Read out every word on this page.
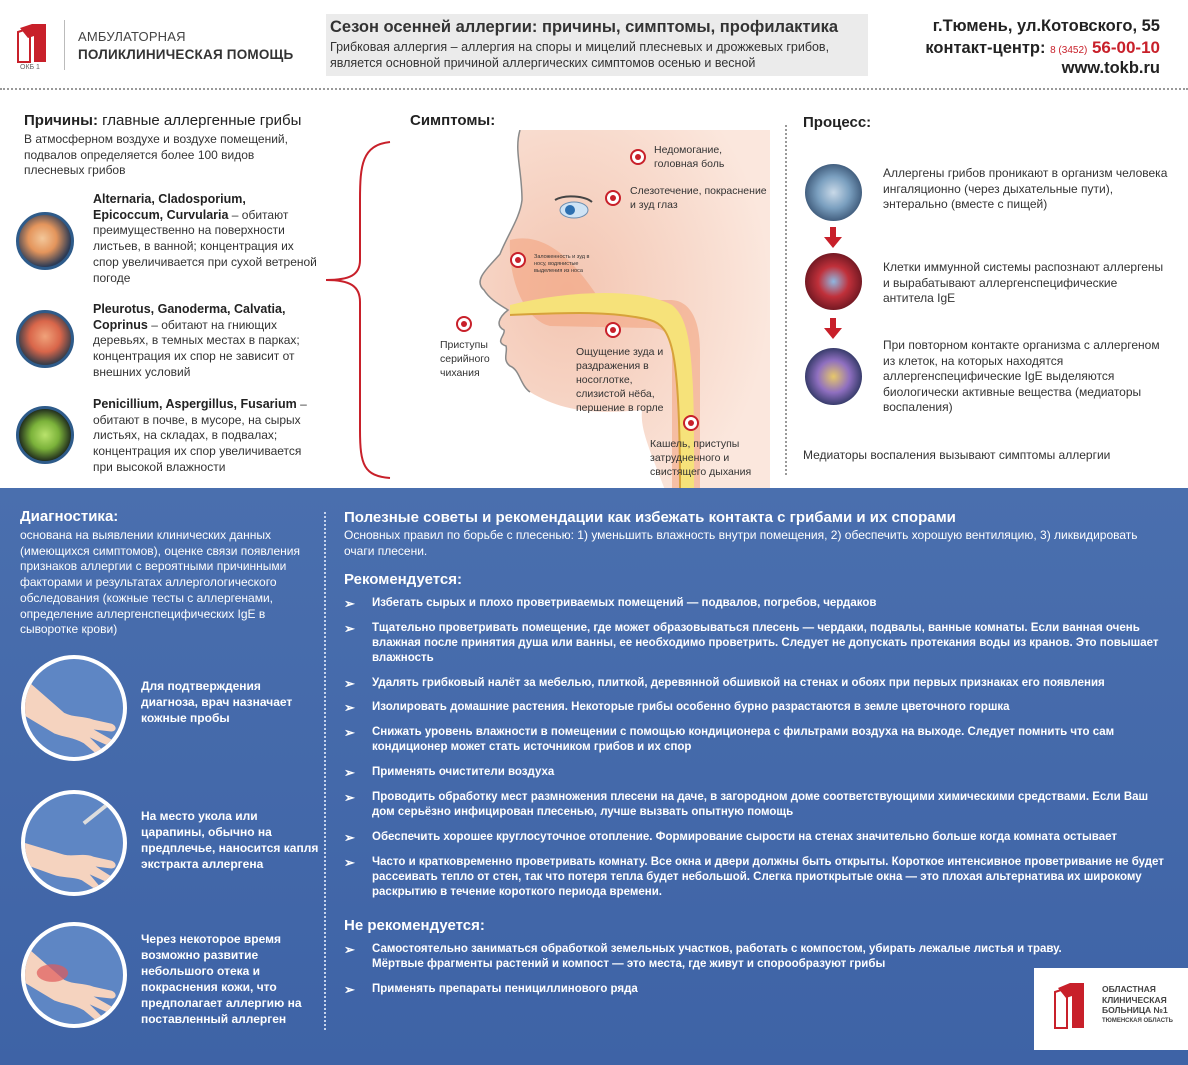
ОКБ 1
АМБУЛАТОРНАЯ
ПОЛИКЛИНИЧЕСКАЯ ПОМОЩЬ
Сезон осенней аллергии: причины, симптомы, профилактика
Грибковая аллергия – аллергия на споры и мицелий плесневых и дрожжевых грибов, является основной причиной аллергических симптомов осенью и весной
г.Тюмень, ул.Котовского, 55
контакт-центр: 8 (3452) 56-00-10
www.tokb.ru
Причины: главные аллергенные грибы
В атмосферном воздухе и воздухе помещений, подвалов определяется более 100 видов плесневых грибов
Alternaria, Cladosporium, Epicoccum, Curvularia – обитают преимущественно на поверхности листьев, в ванной; концентрация их спор увеличивается при сухой ветреной погоде
Pleurotus, Ganoderma, Calvatia, Coprinus – обитают на гниющих деревьях, в темных местах в парках; концентрация их спор не зависит от внешних условий
Penicillium, Aspergillus, Fusarium – обитают в почве, в мусоре, на сырых листьях, на складах, в подвалах; концентрация их спор увеличивается при высокой влажности
Симптомы:
Недомогание, головная боль
Слезотечение, покраснение и зуд глаз
Заложенность и зуд в носу, водянистые выделения из носа
Приступы серийного чихания
Ощущение зуда и раздражения в носоглотке, слизистой нёба, першение в горле
Кашель, приступы затрудненного и свистящего дыхания
Процесс:
Аллергены грибов проникают в организм человека ингаляционно (через дыхательные пути), энтерально (вместе с пищей)
Клетки иммунной системы распознают аллергены и вырабатывают аллергенспецифические антитела IgE
При повторном контакте организма с аллергеном из клеток, на которых находятся аллергенспецифические IgE выделяются биологически активные вещества (медиаторы воспаления)
Медиаторы воспаления вызывают симптомы аллергии
Диагностика:
основана на выявлении клинических данных (имеющихся симптомов), оценке связи появления признаков аллергии с вероятными причинными факторами и результатах аллергологического обследования (кожные тесты с аллергенами, определение аллергенспецифических IgE в сыворотке крови)
Для подтверждения диагноза, врач назначает кожные пробы
На место укола или царапины, обычно на предплечье, наносится капля экстракта аллергена
Через некоторое время возможно развитие небольшого отека и покраснения кожи, что предполагает аллергию на поставленный аллерген
Полезные советы и рекомендации как избежать контакта с грибами и их спорами
Основных правил по борьбе с плесенью: 1) уменьшить влажность внутри помещения, 2) обеспечить хорошую вентиляцию, 3) ликвидировать очаги плесени.
Рекомендуется:
➢ Избегать сырых и плохо проветриваемых помещений — подвалов, погребов, чердаков
➢ Тщательно проветривать помещение, где может образовываться плесень — чердаки, подвалы, ванные комнаты. Если ванная очень влажная после принятия душа или ванны, ее необходимо проветрить. Следует не допускать протекания воды из кранов. Это повышает влажность
➢ Удалять грибковый налёт за мебелью, плиткой, деревянной обшивкой на стенах и обоях при первых признаках его появления
➢ Изолировать домашние растения. Некоторые грибы особенно бурно разрастаются в земле цветочного горшка
➢ Снижать уровень влажности в помещении с помощью кондиционера с фильтрами воздуха на выходе. Следует помнить что сам кондиционер может стать источником грибов и их спор
➢ Применять очистители воздуха
➢ Проводить обработку мест размножения плесени на даче, в загородном доме соответствующими химическими средствами. Если Ваш дом серьёзно инфицирован плесенью, лучше вызвать опытную помощь
➢ Обеспечить хорошее круглосуточное отопление. Формирование сырости на стенах значительно больше когда комната остывает
➢ Часто и кратковременно проветривать комнату. Все окна и двери должны быть открыты. Короткое интенсивное проветривание не будет рассеивать тепло от стен, так что потеря тепла будет небольшой. Слегка приоткрытые окна — это плохая альтернатива их широкому раскрытию в течение короткого периода времени.
Не рекомендуется:
➢ Самостоятельно заниматься обработкой земельных участков, работать с компостом, убирать лежалые листья и траву. Мёртвые фрагменты растений и компост — это места, где живут и спорообразуют грибы
➢ Применять препараты пенициллинового ряда	ОБЛАСТНАЯ
КЛИНИЧЕСКАЯ
БОЛЬНИЦА №1
ТЮМЕНСКАЯ ОБЛАСТЬ
